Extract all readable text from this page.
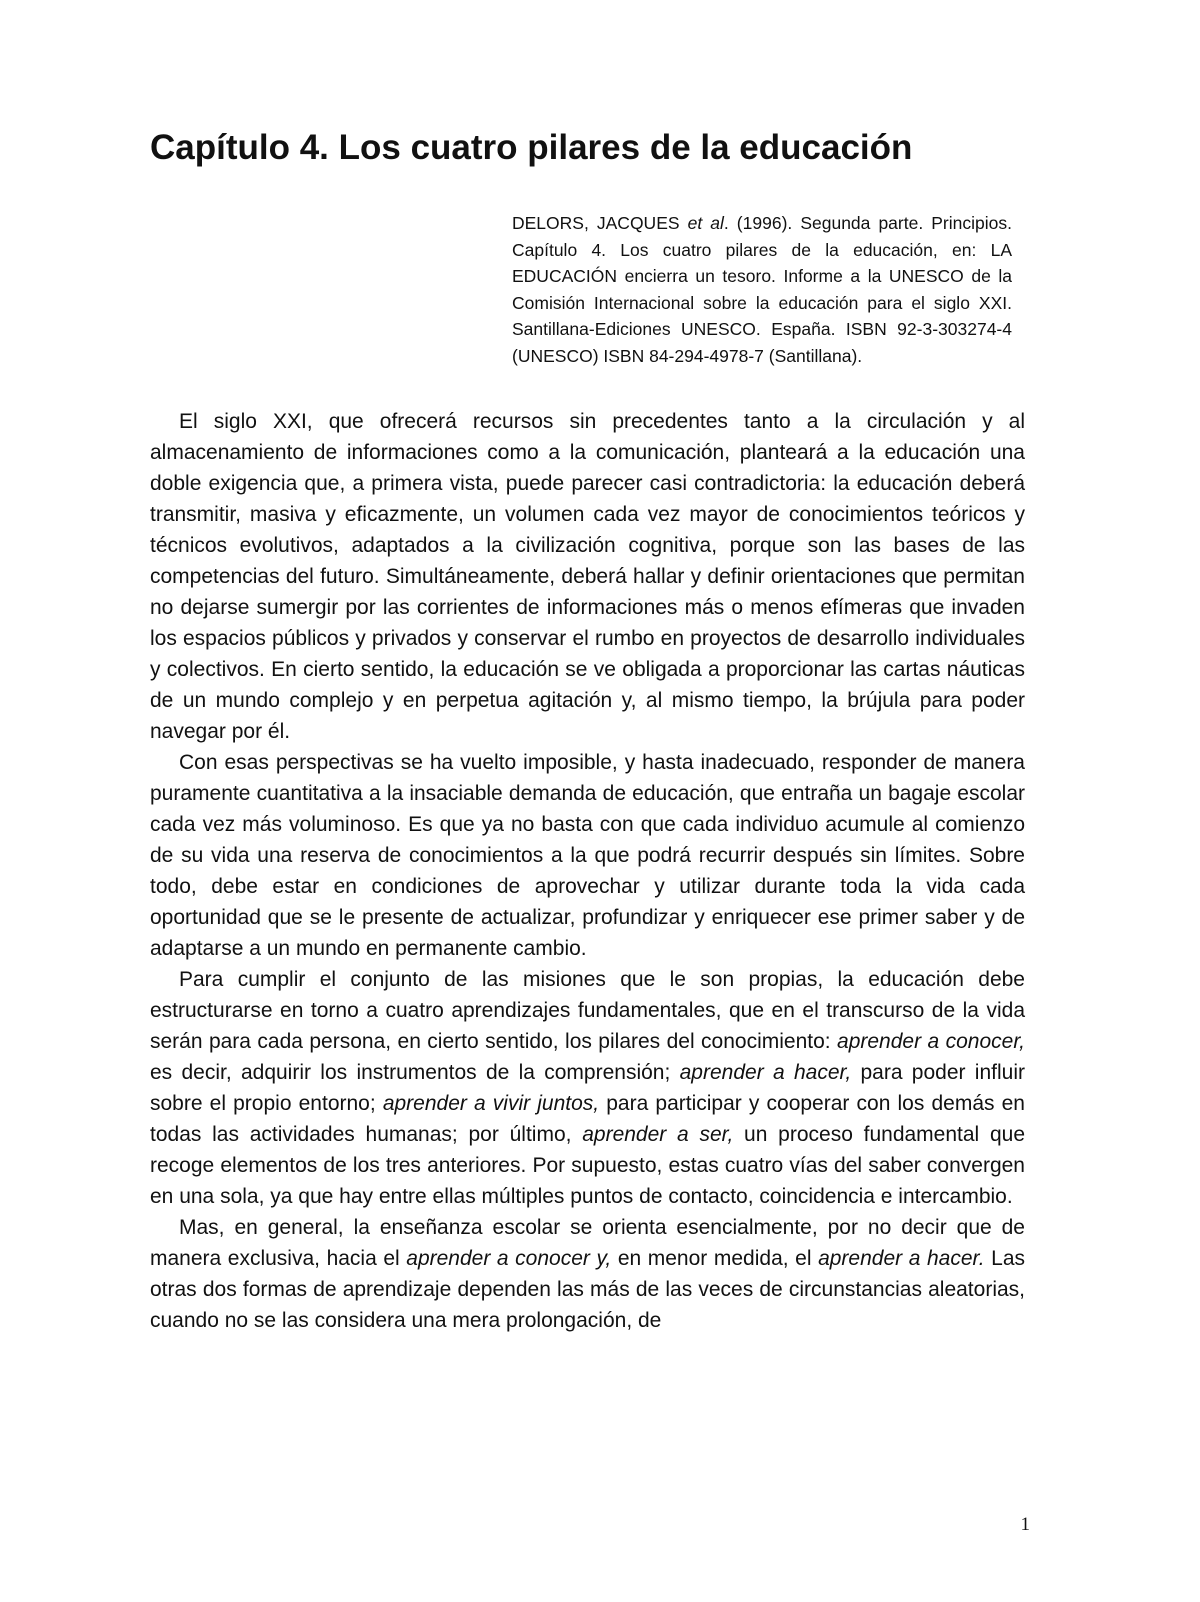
Capítulo 4. Los cuatro pilares de la educación

DELORS, JACQUES et al. (1996). Segunda parte. Principios. Capítulo 4. Los cuatro pilares de la educación, en: LA EDUCACIÓN encierra un tesoro. Informe a la UNESCO de la Comisión Internacional sobre la educación para el siglo XXI. Santillana-Ediciones UNESCO. España. ISBN 92-3-303274-4 (UNESCO) ISBN 84-294-4978-7 (Santillana).

El siglo XXI, que ofrecerá recursos sin precedentes tanto a la circulación y al almacenamiento de informaciones como a la comunicación, planteará a la educación una doble exigencia que, a primera vista, puede parecer casi contradictoria: la educación deberá transmitir, masiva y eficazmente, un volumen cada vez mayor de conocimientos teóricos y técnicos evolutivos, adaptados a la civilización cognitiva, porque son las bases de las competencias del futuro. Simultáneamente, deberá hallar y definir orientaciones que permitan no dejarse sumergir por las corrientes de informaciones más o menos efímeras que invaden los espacios públicos y privados y conservar el rumbo en proyectos de desarrollo individuales y colectivos. En cierto sentido, la educación se ve obligada a proporcionar las cartas náuticas de un mundo complejo y en perpetua agitación y, al mismo tiempo, la brújula para poder navegar por él.

Con esas perspectivas se ha vuelto imposible, y hasta inadecuado, responder de manera puramente cuantitativa a la insaciable demanda de educación, que entraña un bagaje escolar cada vez más voluminoso. Es que ya no basta con que cada individuo acumule al comienzo de su vida una reserva de conocimientos a la que podrá recurrir después sin límites. Sobre todo, debe estar en condiciones de aprovechar y utilizar durante toda la vida cada oportunidad que se le presente de actualizar, profundizar y enriquecer ese primer saber y de adaptarse a un mundo en permanente cambio.

Para cumplir el conjunto de las misiones que le son propias, la educación debe estructurarse en torno a cuatro aprendizajes fundamentales, que en el transcurso de la vida serán para cada persona, en cierto sentido, los pilares del conocimiento: aprender a conocer, es decir, adquirir los instrumentos de la comprensión; aprender a hacer, para poder influir sobre el propio entorno; aprender a vivir juntos, para participar y cooperar con los demás en todas las actividades humanas; por último, aprender a ser, un proceso fundamental que recoge elementos de los tres anteriores. Por supuesto, estas cuatro vías del saber convergen en una sola, ya que hay entre ellas múltiples puntos de contacto, coincidencia e intercambio.

Mas, en general, la enseñanza escolar se orienta esencialmente, por no decir que de manera exclusiva, hacia el aprender a conocer y, en menor medida, el aprender a hacer. Las otras dos formas de aprendizaje dependen las más de las veces de circunstancias aleatorias, cuando no se las considera una mera prolongación, de

1
